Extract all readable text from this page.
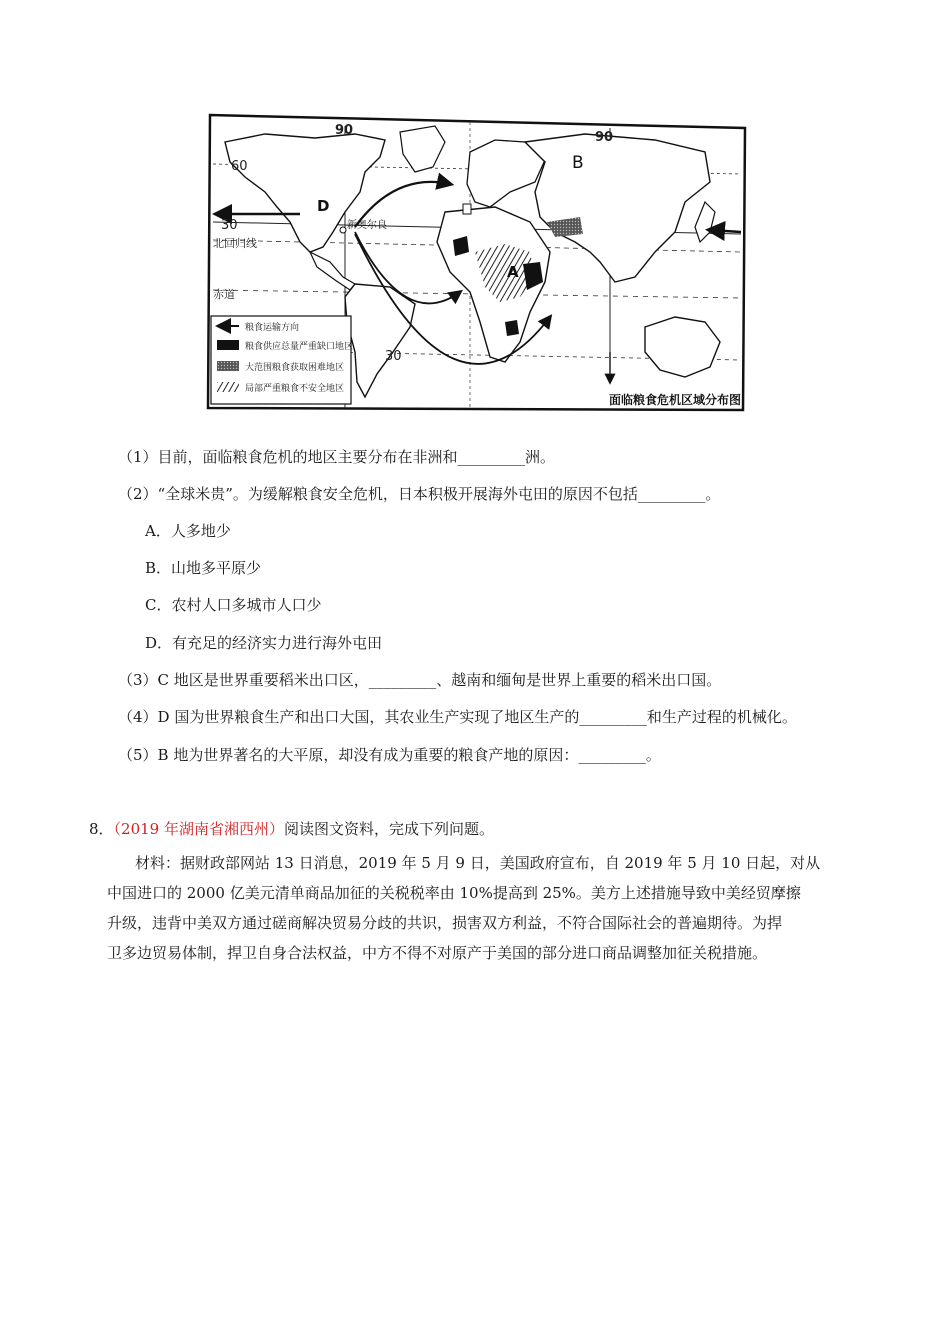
60
30
北回归线
赤道
30
90	90
D
B
A
新奥尔良
粮食运输方向
粮食供应总量严重缺口地区
大范围粮食获取困难地区
局部严重粮食不安全地区
面临粮食危机区域分布图
（1）目前，面临粮食危机的地区主要分布在非洲和_________洲。
（2）“全球米贵”。为缓解粮食安全危机，日本积极开展海外屯田的原因不包括_________。
A．人多地少
B．山地多平原少
C．农村人口多城市人口少
D．有充足的经济实力进行海外屯田
（3）C 地区是世界重要稻米出口区，_________、越南和缅甸是世界上重要的稻米出口国。
（4）D 国为世界粮食生产和出口大国，其农业生产实现了地区生产的_________和生产过程的机械化。
（5）B 地为世界著名的大平原，却没有成为重要的粮食产地的原因：_________。
8．（2019 年湖南省湘西州）阅读图文资料，完成下列问题。
材料：据财政部网站 13 日消息，2019 年 5 月 9 日，美国政府宣布，自 2019 年 5 月 10 日起，对从
中国进口的 2000 亿美元清单商品加征的关税税率由 10%提高到 25%。美方上述措施导致中美经贸摩擦
升级，违背中美双方通过磋商解决贸易分歧的共识，损害双方利益，不符合国际社会的普遍期待。为捍
卫多边贸易体制，捍卫自身合法权益，中方不得不对原产于美国的部分进口商品调整加征关税措施。
